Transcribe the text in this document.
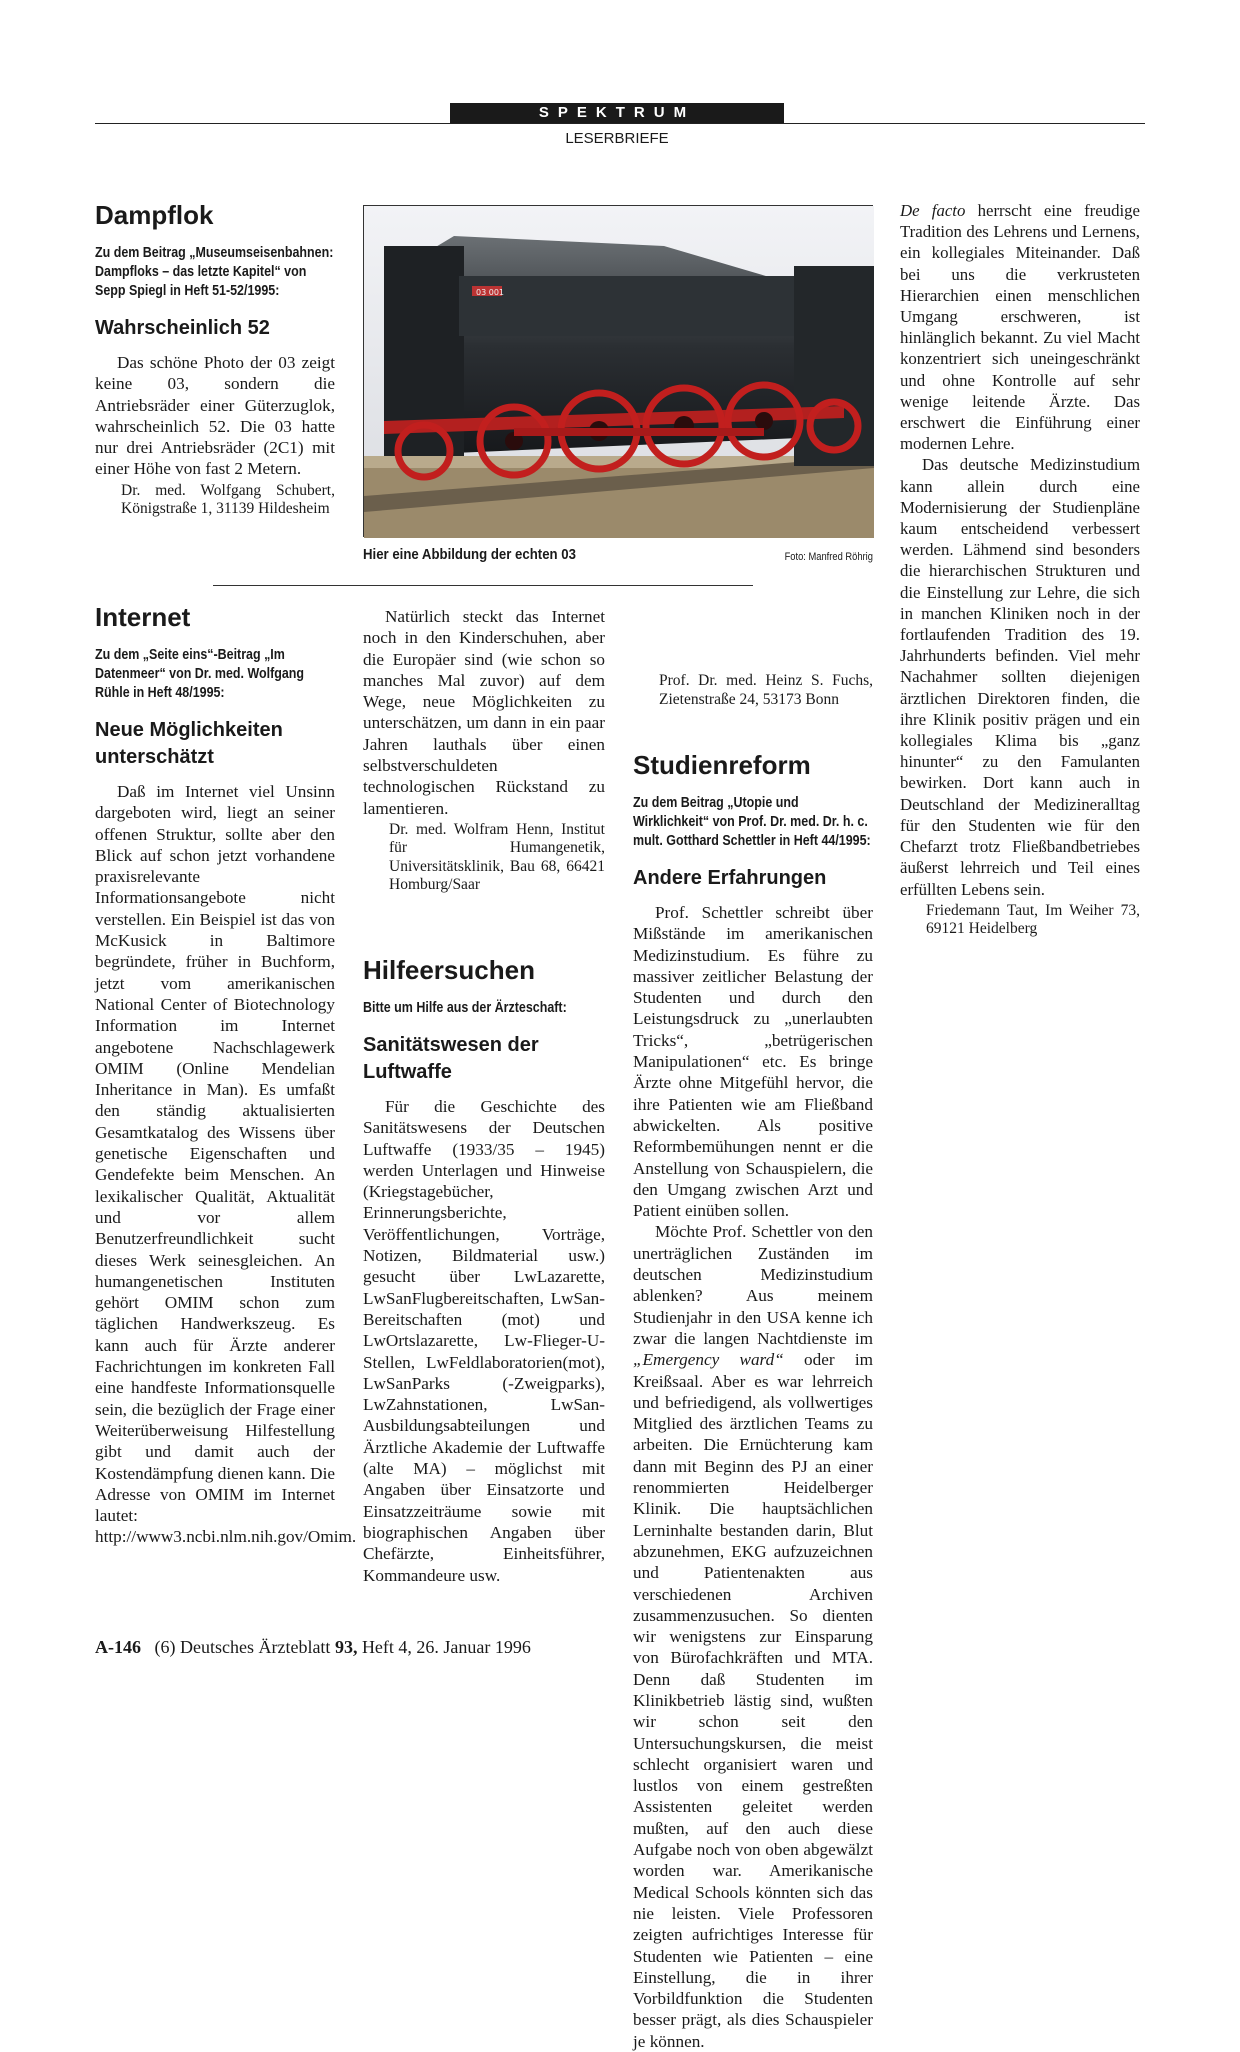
SPEKTRUM
LESERBRIEFE
Dampflok
Zu dem Beitrag „Museumseisenbahnen: Dampfloks – das letzte Kapitel“ von Sepp Spiegl in Heft 51-52/1995:
Wahrscheinlich 52
Das schöne Photo der 03 zeigt keine 03, sondern die Antriebsräder einer Güterzuglok, wahrscheinlich 52. Die 03 hatte nur drei Antriebsräder (2C1) mit einer Höhe von fast 2 Metern.
Dr. med. Wolfgang Schubert, Königstraße 1, 31139 Hildesheim
03 001
Hier eine Abbildung der echten 03	Foto: Manfred Röhrig
Internet
Zu dem „Seite eins“-Beitrag „Im Datenmeer“ von Dr. med. Wolfgang Rühle in Heft 48/1995:
Neue Möglichkeiten unterschätzt
Daß im Internet viel Unsinn dargeboten wird, liegt an seiner offenen Struktur, sollte aber den Blick auf schon jetzt vorhandene praxisrelevante Informationsangebote nicht verstellen. Ein Beispiel ist das von McKusick in Baltimore begründete, früher in Buchform, jetzt vom amerikanischen National Center of Biotechnology Information im Internet angebotene Nachschlagewerk OMIM (Online Mendelian Inheritance in Man). Es umfaßt den ständig aktualisierten Gesamtkatalog des Wissens über genetische Eigenschaften und Gendefekte beim Menschen. An lexikalischer Qualität, Aktualität und vor allem Benutzerfreundlichkeit sucht dieses Werk seinesgleichen. An humangenetischen Instituten gehört OMIM schon zum täglichen Handwerkszeug. Es kann auch für Ärzte anderer Fachrichtungen im konkreten Fall eine handfeste Informationsquelle sein, die bezüglich der Frage einer Weiterüberweisung Hilfestellung gibt und damit auch der Kostendämpfung dienen kann. Die Adresse von OMIM im Internet lautet: http://www3.ncbi.nlm.nih.gov/Omim.
Natürlich steckt das Internet noch in den Kinderschuhen, aber die Europäer sind (wie schon so manches Mal zuvor) auf dem Wege, neue Möglichkeiten zu unterschätzen, um dann in ein paar Jahren lauthals über einen selbstverschuldeten technologischen Rückstand zu lamentieren.
Dr. med. Wolfram Henn, Institut für Humangenetik, Universitätsklinik, Bau 68, 66421 Homburg/Saar
Hilfeersuchen
Bitte um Hilfe aus der Ärzteschaft:
Sanitätswesen der Luftwaffe
Für die Geschichte des Sanitätswesens der Deutschen Luftwaffe (1933/35 – 1945) werden Unterlagen und Hinweise (Kriegstagebücher, Erinnerungsberichte, Veröffentlichungen, Vorträge, Notizen, Bildmaterial usw.) gesucht über LwLazarette, LwSanFlugbereitschaften, LwSan-Bereitschaften (mot) und LwOrtslazarette, Lw-Flieger-U-Stellen, LwFeldlaboratorien(mot), LwSanParks (-Zweigparks), LwZahnstationen, LwSan-Ausbildungsabteilungen und Ärztliche Akademie der Luftwaffe (alte MA) – möglichst mit Angaben über Einsatzorte und Einsatzzeiträume sowie mit biographischen Angaben über Chefärzte, Einheitsführer, Kommandeure usw.
Prof. Dr. med. Heinz S. Fuchs, Zietenstraße 24, 53173 Bonn
Studienreform
Zu dem Beitrag „Utopie und Wirklichkeit“ von Prof. Dr. med. Dr. h. c. mult. Gotthard Schettler in Heft 44/1995:
Andere Erfahrungen
Prof. Schettler schreibt über Mißstände im amerikanischen Medizinstudium. Es führe zu massiver zeitlicher Belastung der Studenten und durch den Leistungsdruck zu „unerlaubten Tricks“, „betrügerischen Manipulationen“ etc. Es bringe Ärzte ohne Mitgefühl hervor, die ihre Patienten wie am Fließband abwickelten. Als positive Reformbemühungen nennt er die Anstellung von Schauspielern, die den Umgang zwischen Arzt und Patient einüben sollen.
Möchte Prof. Schettler von den unerträglichen Zuständen im deutschen Medizinstudium ablenken? Aus meinem Studienjahr in den USA kenne ich zwar die langen Nachtdienste im „Emergency ward“ oder im Kreißsaal. Aber es war lehrreich und befriedigend, als vollwertiges Mitglied des ärztlichen Teams zu arbeiten. Die Ernüchterung kam dann mit Beginn des PJ an einer renommierten Heidelberger Klinik. Die hauptsächlichen Lerninhalte bestanden darin, Blut abzunehmen, EKG aufzuzeichnen und Patientenakten aus verschiedenen Archiven zusammenzusuchen. So dienten wir wenigstens zur Einsparung von Bürofachkräften und MTA. Denn daß Studenten im Klinikbetrieb lästig sind, wußten wir schon seit den Untersuchungskursen, die meist schlecht organisiert waren und lustlos von einem gestreßten Assistenten geleitet werden mußten, auf den auch diese Aufgabe noch von oben abgewälzt worden war. Amerikanische Medical Schools könnten sich das nie leisten. Viele Professoren zeigten aufrichtiges Interesse für Studenten wie Patienten – eine Einstellung, die in ihrer Vorbildfunktion die Studenten besser prägt, als dies Schauspieler je können.
De facto herrscht eine freudige Tradition des Lehrens und Lernens, ein kollegiales Miteinander. Daß bei uns die verkrusteten Hierarchien einen menschlichen Umgang erschweren, ist hinlänglich bekannt. Zu viel Macht konzentriert sich uneingeschränkt und ohne Kontrolle auf sehr wenige leitende Ärzte. Das erschwert die Einführung einer modernen Lehre.
Das deutsche Medizinstudium kann allein durch eine Modernisierung der Studienpläne kaum entscheidend verbessert werden. Lähmend sind besonders die hierarchischen Strukturen und die Einstellung zur Lehre, die sich in manchen Kliniken noch in der fortlaufenden Tradition des 19. Jahrhunderts befinden. Viel mehr Nachahmer sollten diejenigen ärztlichen Direktoren finden, die ihre Klinik positiv prägen und ein kollegiales Klima bis „ganz hinunter“ zu den Famulanten bewirken. Dort kann auch in Deutschland der Medizineralltag für den Studenten wie für den Chefarzt trotz Fließbandbetriebes äußerst lehrreich und Teil eines erfüllten Lebens sein.
Friedemann Taut, Im Weiher 73, 69121 Heidelberg
A-146 (6) Deutsches Ärzteblatt 93, Heft 4, 26. Januar 1996
